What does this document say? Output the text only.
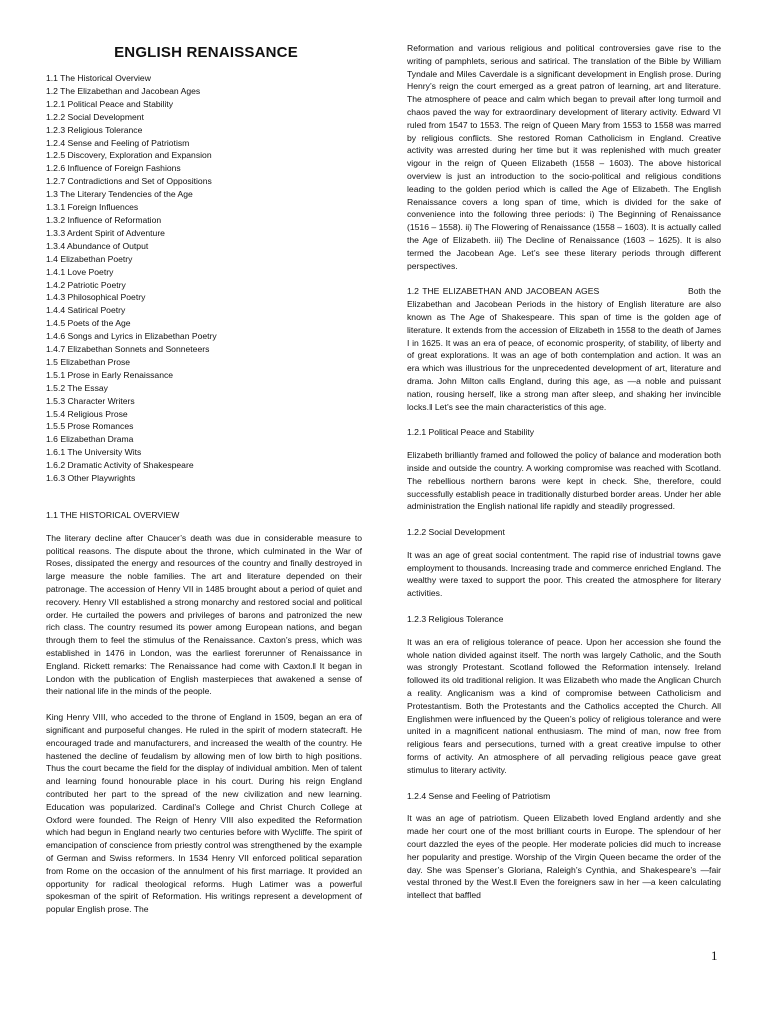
ENGLISH RENAISSANCE
1.1 The Historical Overview
1.2 The Elizabethan and Jacobean Ages
1.2.1 Political Peace and Stability
1.2.2 Social Development
1.2.3 Religious Tolerance
1.2.4 Sense and Feeling of Patriotism
1.2.5 Discovery, Exploration and Expansion
1.2.6 Influence of Foreign Fashions
1.2.7 Contradictions and Set of Oppositions
1.3 The Literary Tendencies of the Age
1.3.1 Foreign Influences
1.3.2 Influence of Reformation
1.3.3 Ardent Spirit of Adventure
1.3.4 Abundance of Output
1.4 Elizabethan Poetry
1.4.1 Love Poetry
1.4.2 Patriotic Poetry
1.4.3 Philosophical Poetry
1.4.4 Satirical Poetry
1.4.5 Poets of the Age
1.4.6 Songs and Lyrics in Elizabethan Poetry
1.4.7 Elizabethan Sonnets and Sonneteers
1.5 Elizabethan Prose
1.5.1 Prose in Early Renaissance
1.5.2 The Essay
1.5.3 Character Writers
1.5.4 Religious Prose
1.5.5 Prose Romances
1.6 Elizabethan Drama
1.6.1 The University Wits
1.6.2 Dramatic Activity of Shakespeare
1.6.3 Other Playwrights
1.1 THE HISTORICAL OVERVIEW

The literary decline after Chaucer’s death was due in considerable measure to political reasons. The dispute about the throne, which culminated in the War of Roses, dissipated the energy and resources of the country and finally destroyed in large measure the noble families. The art and literature depended on their patronage. The accession of Henry VII in 1485 brought about a period of quiet and recovery. Henry VII established a strong monarchy and restored social and political order. He curtailed the powers and privileges of barons and patronized the new rich class. The country resumed its power among European nations, and began through them to feel the stimulus of the Renaissance. Caxton’s press, which was established in 1476 in London, was the earliest forerunner of Renaissance in England. Rickett remarks: The Renaissance had come with Caxton.‖ It began in London with the publication of English masterpieces that awakened a sense of their national life in the minds of the people.

King Henry VIII, who acceded to the throne of England in 1509, began an era of significant and purposeful changes. He ruled in the spirit of modern statecraft. He encouraged trade and manufacturers, and increased the wealth of the country. He hastened the decline of feudalism by allowing men of low birth to high positions. Thus the court became the field for the display of individual ambition. Men of talent and learning found honourable place in his court. During his reign England contributed her part to the spread of the new civilization and new learning. Education was popularized. Cardinal’s College and Christ Church College at Oxford were founded. The Reign of Henry VIII also expedited the Reformation which had begun in England nearly two centuries before with Wycliffe. The spirit of emancipation of conscience from priestly control was strengthened by the example of German and Swiss reformers. In 1534 Henry VII enforced political separation from Rome on the occasion of the annulment of his first marriage. It provided an opportunity for radical theological reforms. Hugh Latimer was a powerful spokesman of the spirit of Reformation. His writings represent a development of popular English prose. The

Reformation and various religious and political controversies gave rise to the writing of pamphlets, serious and satirical. The translation of the Bible by William Tyndale and Miles Caverdale is a significant development in English prose. During Henry’s reign the court emerged as a great patron of learning, art and literature. The atmosphere of peace and calm which began to prevail after long turmoil and chaos paved the way for extraordinary development of literary activity. Edward VI ruled from 1547 to 1553. The reign of Queen Mary from 1553 to 1558 was marred by religious conflicts. She restored Roman Catholicism in England. Creative activity was arrested during her time but it was replenished with much greater vigour in the reign of Queen Elizabeth (1558 – 1603). The above historical overview is just an introduction to the socio-political and religious conditions leading to the golden period which is called the Age of Elizabeth. The English Renaissance covers a long span of time, which is divided for the sake of convenience into the following three periods: i) The Beginning of Renaissance (1516 – 1558). ii) The Flowering of Renaissance (1558 – 1603). It is actually called the Age of Elizabeth. iii) The Decline of Renaissance (1603 – 1625). It is also termed the Jacobean Age. Let’s see these literary periods through different perspectives.

1.2 THE ELIZABETHAN AND JACOBEAN AGES	Both the Elizabethan and Jacobean Periods in the history of English literature are also known as The Age of Shakespeare. This span of time is the golden age of literature. It extends from the accession of Elizabeth in 1558 to the death of James I in 1625. It was an era of peace, of economic prosperity, of stability, of liberty and of great explorations. It was an age of both contemplation and action. It was an era which was illustrious for the unprecedented development of art, literature and drama. John Milton calls England, during this age, as ―a noble and puissant nation, rousing herself, like a strong man after sleep, and shaking her invincible locks.‖ Let’s see the main characteristics of this age.

1.2.1 Political Peace and Stability

Elizabeth brilliantly framed and followed the policy of balance and moderation both inside and outside the country. A working compromise was reached with Scotland. The rebellious northern barons were kept in check. She, therefore, could successfully establish peace in traditionally disturbed border areas. Under her able administration the English national life rapidly and steadily progressed.

1.2.2 Social Development

It was an age of great social contentment. The rapid rise of industrial towns gave employment to thousands. Increasing trade and commerce enriched England. The wealthy were taxed to support the poor. This created the atmosphere for literary activities.

1.2.3 Religious Tolerance

It was an era of religious tolerance of peace. Upon her accession she found the whole nation divided against itself. The north was largely Catholic, and the South was strongly Protestant. Scotland followed the Reformation intensely. Ireland followed its old traditional religion. It was Elizabeth who made the Anglican Church a reality. Anglicanism was a kind of compromise between Catholicism and Protestantism. Both the Protestants and the Catholics accepted the Church. All Englishmen were influenced by the Queen’s policy of religious tolerance and were united in a magnificent national enthusiasm. The mind of man, now free from religious fears and persecutions, turned with a great creative impulse to other forms of activity. An atmosphere of all pervading religious peace gave great stimulus to literary activity.

1.2.4 Sense and Feeling of Patriotism

It was an age of patriotism. Queen Elizabeth loved England ardently and she made her court one of the most brilliant courts in Europe. The splendour of her court dazzled the eyes of the people. Her moderate policies did much to increase her popularity and prestige. Worship of the Virgin Queen became the order of the day. She was Spenser’s Gloriana, Raleigh’s Cynthia, and Shakespeare’s ―fair vestal throned by the West.‖ Even the foreigners saw in her ―a keen calculating intellect that baffled

1
